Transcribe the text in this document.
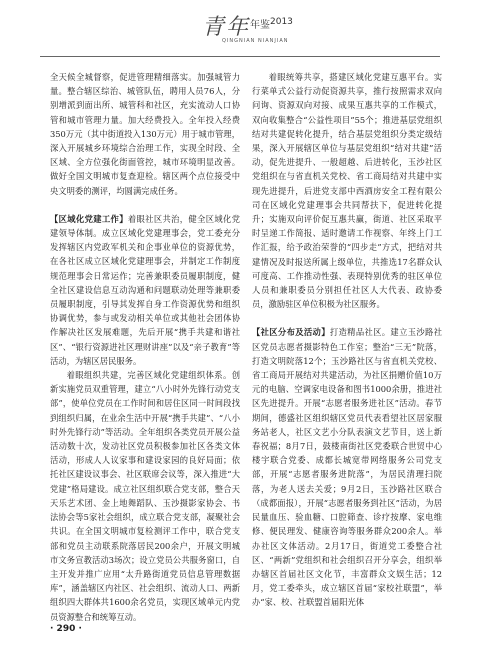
青年 年鉴 2013
QINGNIAN NIANJIAN

全天候全城督察，促进管理精细落实。加强城管力量。整合辖区综治、城管队伍，聘用人员76人，分别增派到面出所、城管科和社区，充实流动人口协管和城市管理力量。加大经费投入。全年投入经费350万元（其中街道投入130万元）用于城市管理，深入开展城乡环境综合治理工作，实现全时段、全区域、全方位强化街面管控，城市环境明显改善。做好全国文明城市复查迎检。辖区两个点位接受中央文明委的测评，均圆满完成任务。

【区域化党建工作】着眼社区共治，健全区域化党建领导体制。成立区域化党建理事会，党工委充分发挥辖区内党政军机关和企事业单位的资源优势，在各社区成立区域化党建理事会，并制定工作制度规范理事会日常运作；完善兼职委员履职制度，健全社区建设信息互动沟通和问题联动处理等兼职委员履职制度，引导其发挥自身工作资源优势和组织协调优势，参与或发动相关单位或其他社会团体协作解决社区发展难题，先后开展“携手共建和谐社区”、“银行资源进社区理财讲座”以及“亲子教育”等活动，为辖区居民服务。

着眼组织共建，完善区域化党建组织体系。创新实施党员双重管理，建立“八小时外先锋行动党支部”，使单位党员在工作时间和居住区同一时间段找到组织归属，在业余生活中开展“携手共建”、“八小时外先锋行动”等活动。全年组织各类党员开展公益活动数十次，发动社区党员积极参加社区各类文体活动，形成人人议家事和建设家园的良好局面；依托社区建设议事会、社区联席会议等，深入推进“大党建”格局建设。成立社区组织联合党支部，整合天天乐艺术团、金上地舞蹈队、玉沙摄影家协会、书法协会等5家社会组织，成立联合党支部，凝聚社会共识。在全国文明城市复检测评工作中，联合党支部和党员主动联系院落居民200余户，开展文明城市文务宣教活动3场次；设立党员公共服务窗口，自主开发并推广应用“太升路街道党员信息管理数据库”，涵盖辖区内社区、社会组织、流动人口、两新组织四大群体共1600余名党员，实现区域单元内党员资源整合和统筹互动。

着眼统筹共享，搭建区域化党建互惠平台。实行菜单式公益行动促资源共享，推行按照需求双向问询、资源双向对接、成果互惠共享的工作模式，双向收集整合“公益性项目”55个；推进基层党组织结对共建促转化提升，结合基层党组织分类定级结果，深入开展辖区单位与基层党组织“结对共建”活动，促先进提升、一般超越、后进转化，玉沙社区党组织在与省直机关党校、省工商局结对共建中实现先进提升，后进党支部中西酒房安全工程有限公司在区域化党建理事会共同帮扶下，促进转化提升；实施双向评价促互惠共赢，街道、社区采取平时呈递工作简报、适时邀请工作视察、年终上门工作汇报，给予政治荣誉的“四步走”方式，把结对共建情况及时报送所属上级单位，共推选17名群众认可度高、工作推动性强、表现特别优秀的驻区单位人员和兼职委员分别担任社区人大代表、政协委员，激励驻区单位积极为社区服务。

【社区分布及活动】打造精品社区。建立玉沙路社区党员志愿者摄影特色工作室；整治“三无”院落，打造文明院落12个；玉沙路社区与省直机关党校、省工商局开展结对共建活动，为社区捐赠价值10万元的电脑、空调家电设备和图书1000余册，推进社区先进提升。开展“志愿者服务进社区”活动。春节期间，德盛社区组织辖区党员代表看望社区居家服务站老人，社区文艺小分队表演文艺节目，送上新春祝福；8月7日，鼓楼南街社区党委联合世贸中心楼宇联合党委、成都长城宽带网络服务公司党支部，开展“志愿者服务进院落”，为居民清理扫院落，为老人送去关爱；9月2日，玉沙路社区联合（成都面报），开展“志愿者服务到社区”活动，为居民量血压、验血糖、口腔筛查、诊疗按摩、家电维修、便民理发、健康咨询等服务群众200余人。举办社区文体活动。2月17日，街道党工委整合社区、“两新”党组织和社会组织召开分享会，组织举办辖区首届社区文化节，丰富群众文娱生活；12月，党工委牵头，成立辖区首届“家校社联盟”，举办“家、校、社联盟首届阳光体

· 290 ·
